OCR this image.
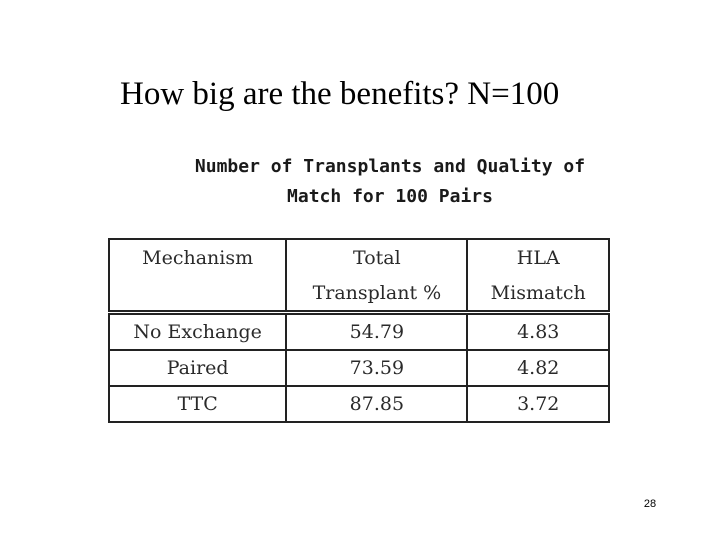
How big are the benefits? N=100
Number of Transplants and Quality of
Match for 100 Pairs
Mechanism	Total	HLA
	Transplant %	Mismatch
No Exchange	54.79	4.83
Paired	73.59	4.82
TTC	87.85	3.72
28
